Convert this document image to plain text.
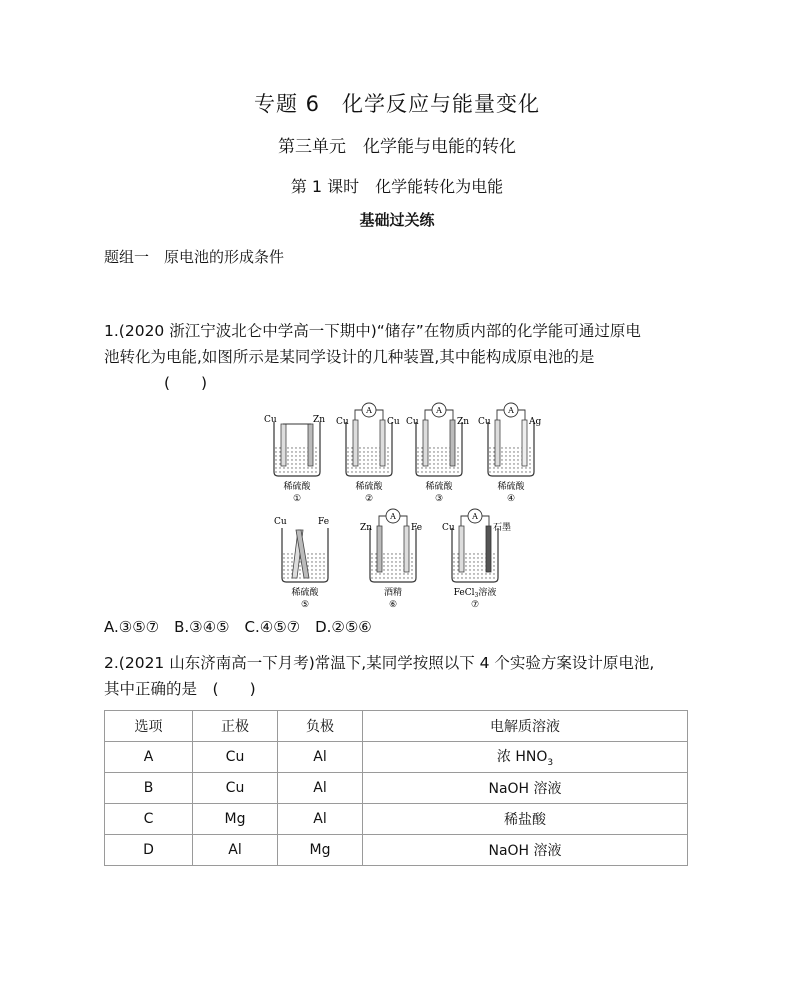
专题 6　化学反应与能量变化
第三单元　化学能与电能的转化
第 1 课时　化学能转化为电能
基础过关练
题组一　原电池的形成条件
1.(2020 浙江宁波北仑中学高一下期中)“储存”在物质内部的化学能可通过原电
池转化为电能,如图所示是某同学设计的几种装置,其中能构成原电池的是
(　　)
Cu	Zn
稀硫酸
①
A
Cu	Cu
稀硫酸
②
A
Cu	Zn
稀硫酸
③
A
Cu	Ag
稀硫酸
④
Cu	Fe
稀硫酸
⑤
A
Zn	Fe
酒精
⑥
A
Cu	石墨
FeCl$_3$溶液
⑦
A.③⑤⑦　B.③④⑤　C.④⑤⑦　D.②⑤⑥
2.(2021 山东济南高一下月考)常温下,某同学按照以下 4 个实验方案设计原电池,
其中正确的是　 (　　)
选项	正极	负极	电解质溶液
A	Cu	Al	浓 $HNO_3$
B	Cu	Al	NaOH 溶液
C	Mg	Al	稀盐酸
D	Al	Mg	NaOH 溶液
